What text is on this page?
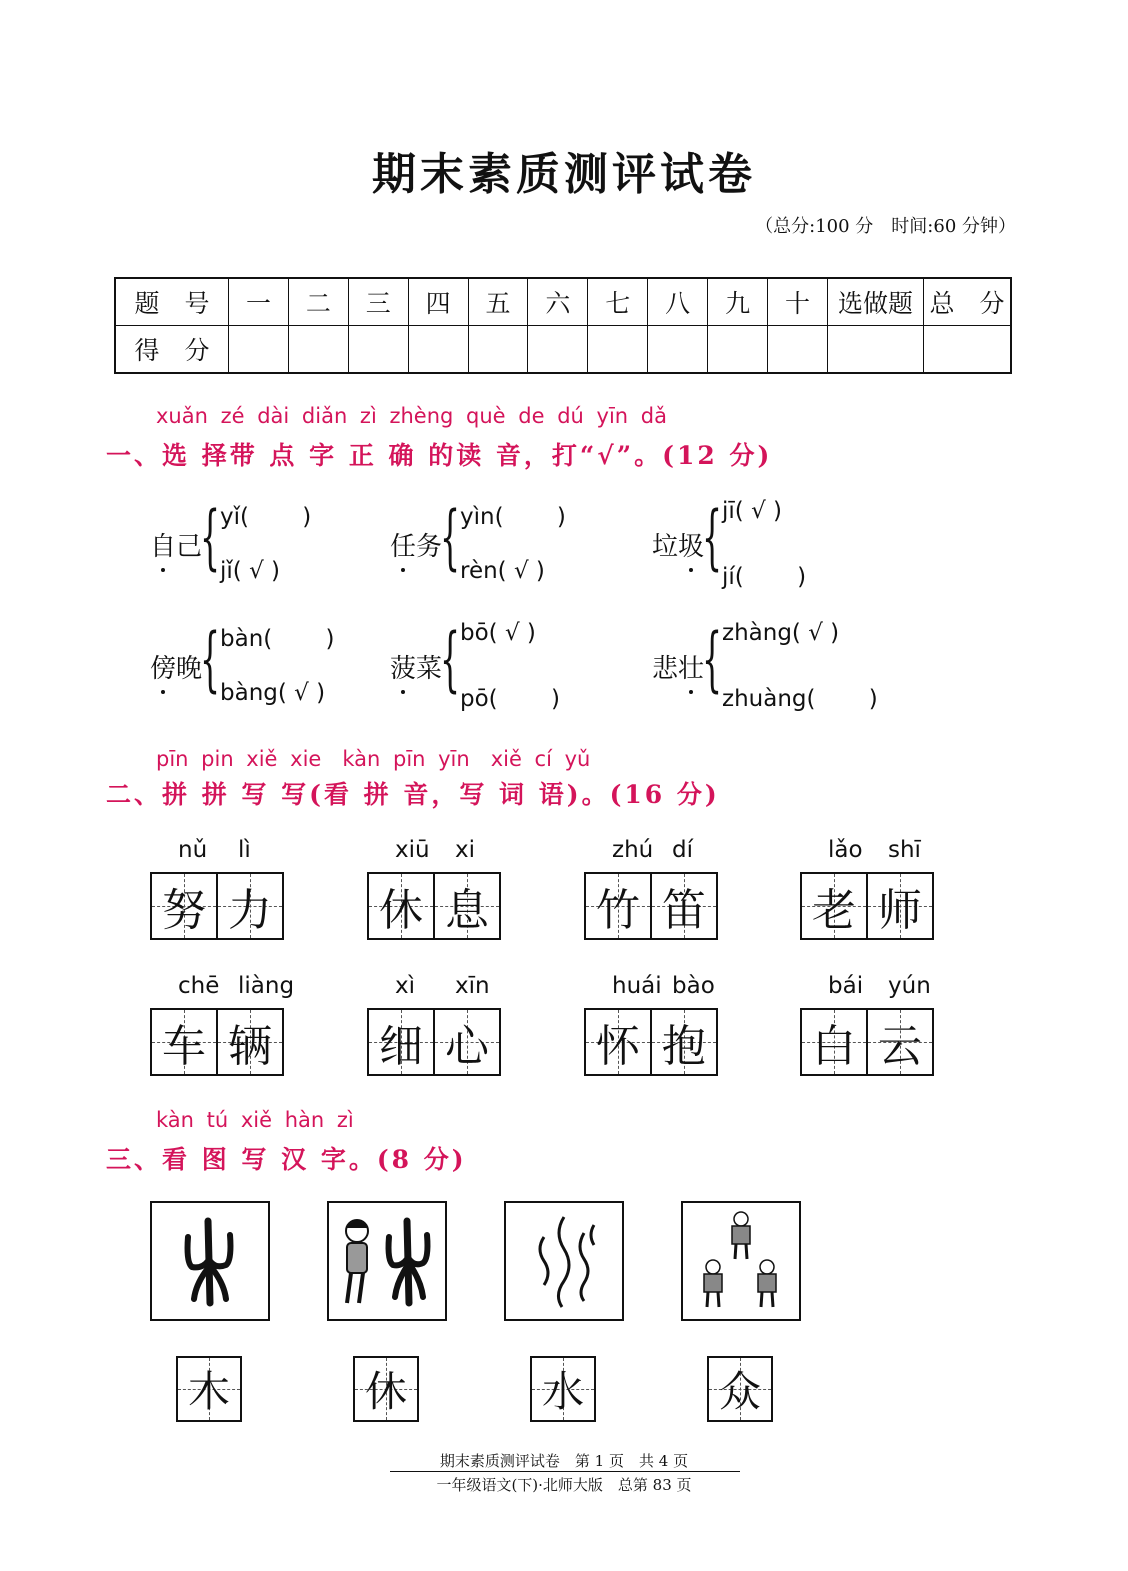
期末素质测评试卷
（总分:100 分　时间:60 分钟）
题　号	一	二	三	四	五	六	七	八	九	十	选做题	总　分
得　分												
xuǎn zé dài diǎn zì zhèng què de dú yīn dǎ
一、选 择带 点 字 正 确 的读 音，打“√”。(12 分)
自己
{ yǐ(　　 )
jǐ( √ )
任务
{ yìn(　　 )
rèn( √ )
垃圾
{ jī( √ )
jí(　　 )
傍晚
{ bàn(　　 )
bàng( √ )
菠菜
{ bō( √ )
pō(　　 )
悲壮
{ zhàng( √ )
zhuàng(　　 )
pīn pin xiě xie　kàn pīn yīn　xiě cí yǔ
二、拼 拼 写 写(看 拼 音，写 词 语)。(16 分)
nǔ lì
努 力
xiū xi
休 息
zhú dí
竹 笛
lǎo shī
老 师
chē liàng
车 辆
xì xīn
细 心
huái bào
怀 抱
bái yún
白 云
kàn tú xiě hàn zì
三、看 图 写 汉 字。(8 分)
木	休	水	众
期末素质测评试卷　第 1 页　共 4 页
一年级语文(下)·北师大版　总第 83 页
